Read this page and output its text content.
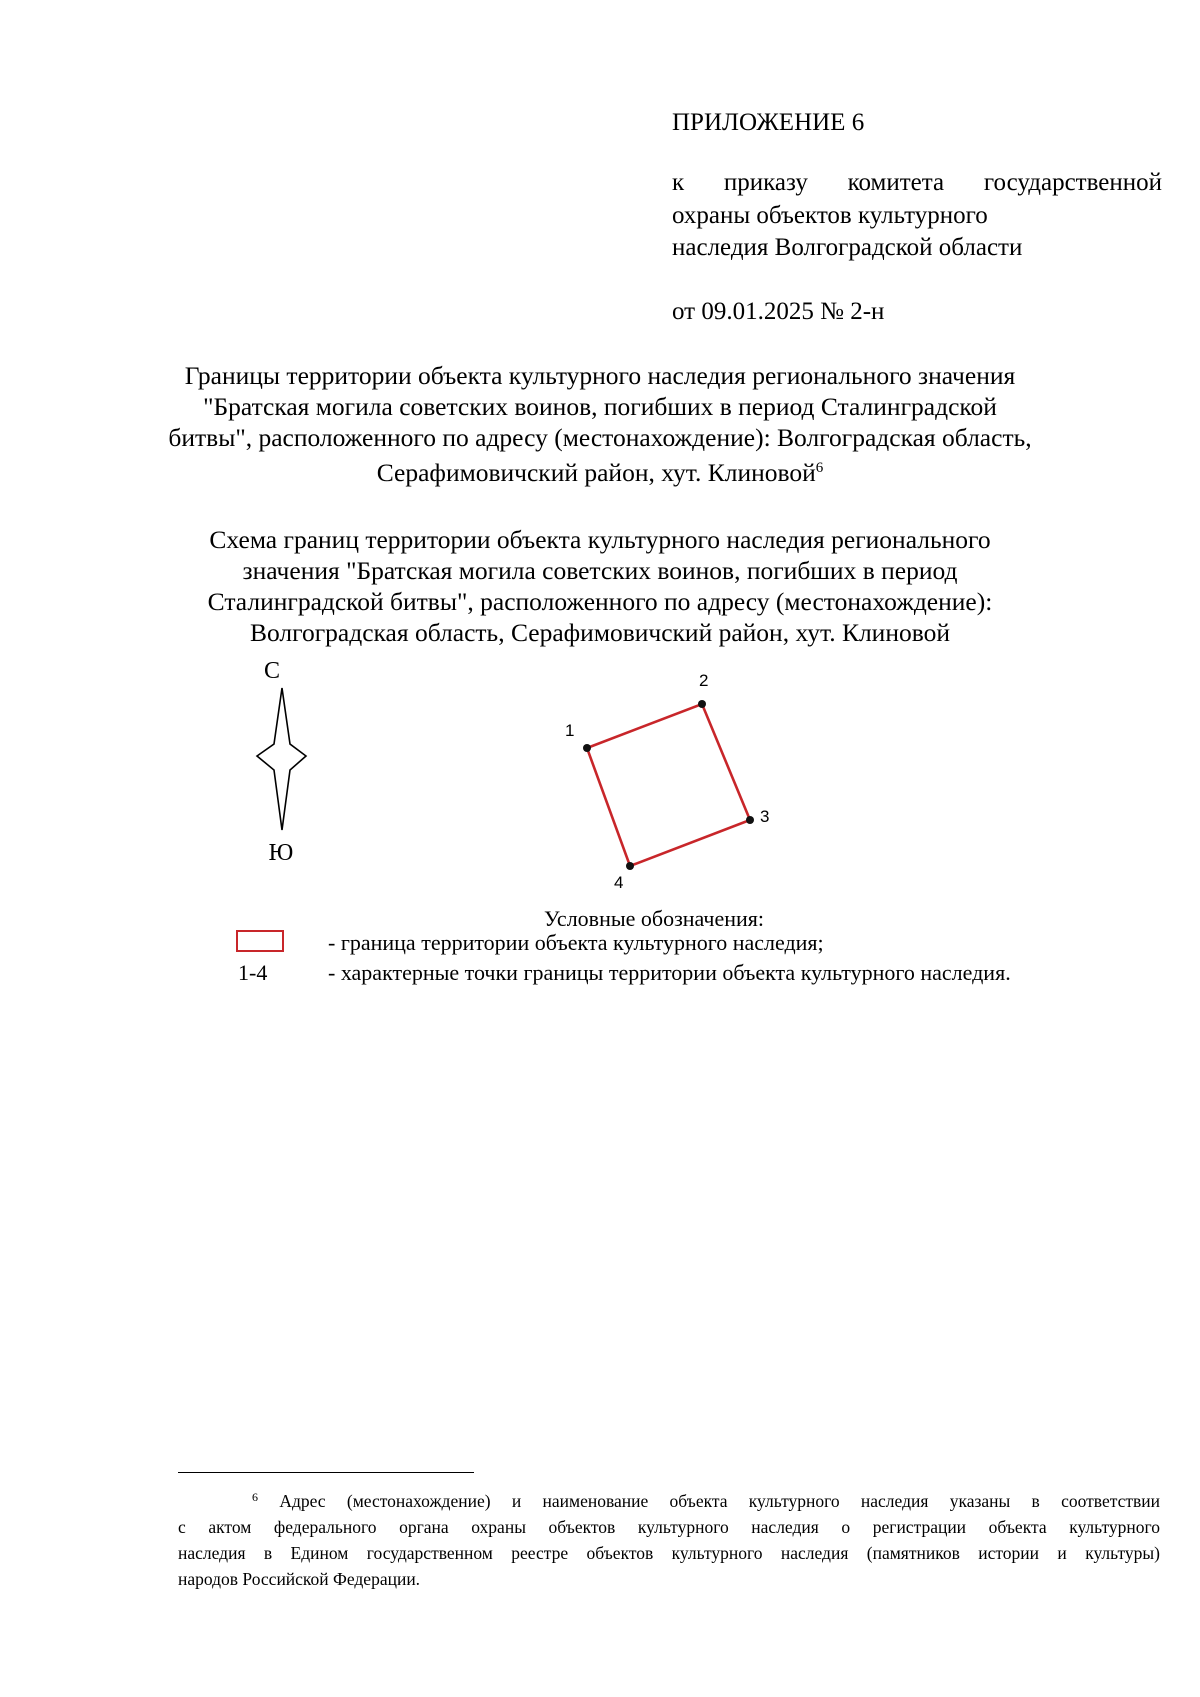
ПРИЛОЖЕНИЕ 6
к приказу комитета государственной
охраны объектов культурного
наследия Волгоградской области
от 09.01.2025 № 2-н
Границы территории объекта культурного наследия регионального значения
"Братская могила советских воинов, погибших в период Сталинградской
битвы", расположенного по адресу (местонахождение): Волгоградская область,
Серафимовичский район, хут. Клиновой$^6$
Схема границ территории объекта культурного наследия регионального
значения "Братская могила советских воинов, погибших в период
Сталинградской битвы", расположенного по адресу (местонахождение):
Волгоградская область, Серафимовичский район, хут. Клиновой
С
Ю
1
2
3
4
Условные обозначения:
- граница территории объекта культурного наследия;
1-4	- характерные точки границы территории объекта культурного наследия.
$^6$ Адрес (местонахождение) и наименование объекта культурного наследия указаны в соответствии
с актом федерального органа охраны объектов культурного наследия о регистрации объекта культурного
наследия в Едином государственном реестре объектов культурного наследия (памятников истории и культуры)
народов Российской Федерации.
